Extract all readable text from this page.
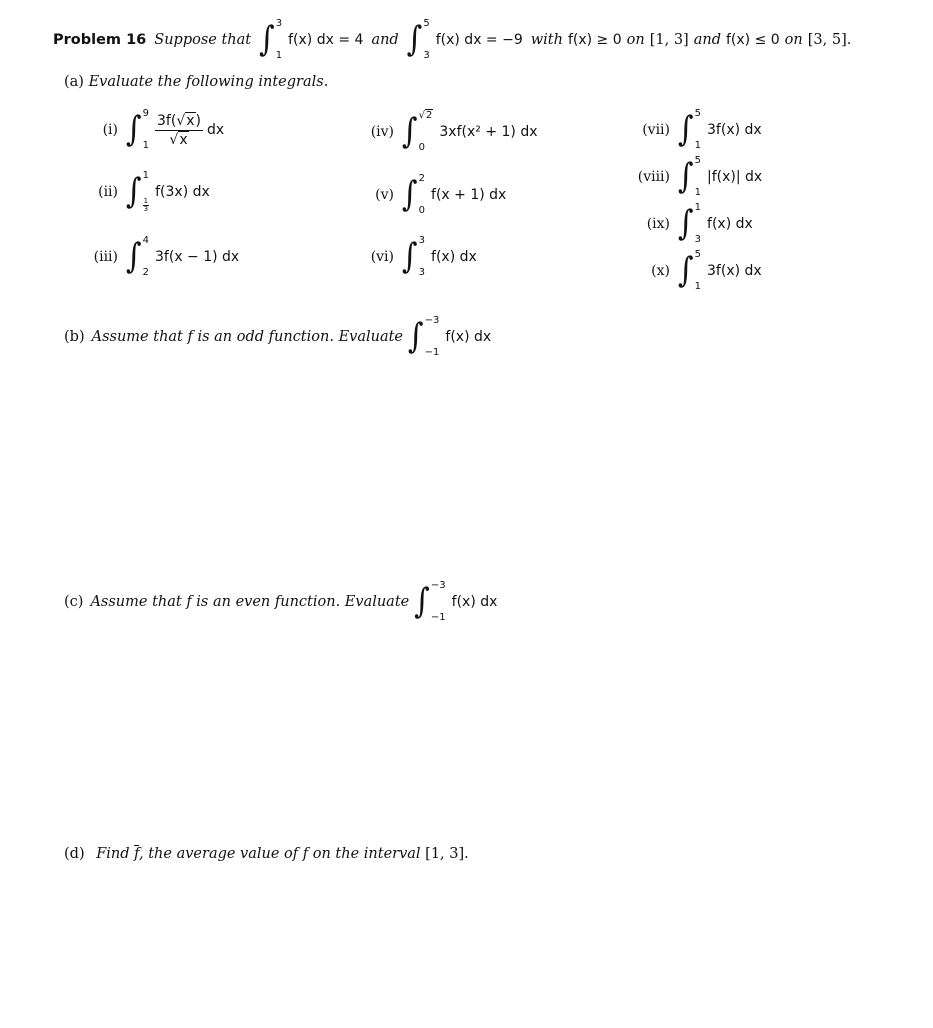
Problem 16 Suppose that ∫ 3
1
f(x) dx = 4 and ∫ 5
3
f(x) dx = −9 with f(x) ≥ 0 on [1, 3] and f(x) ≤ 0 on [3, 5].
(a) Evaluate the following integrals.
(i) ∫ 9
$1 \frac{3f(√x)}{√x}$ dx
(ii) ∫ 1
1
3
f(3x) dx
(iii) ∫ 4
2
3f(x − 1) dx
(iv) ∫ √2
0
3xf(x² + 1) dx
(v) ∫ 2
0
f(x + 1) dx
(vi) ∫ 3
3
f(x) dx
(vii) ∫ 5
1
3f(x) dx
(viii) ∫ 5
1
|f(x)| dx
(ix) ∫ 1
3
f(x) dx
(x) ∫ 5
1
3f(x) dx
(b) Assume that f is an odd function. Evaluate ∫ −3
−1
f(x) dx
(c) Assume that f is an even function. Evaluate ∫ −3
−1
f(x) dx
(d) Find $\overline{f}$, the average value of f on the interval [1, 3].
